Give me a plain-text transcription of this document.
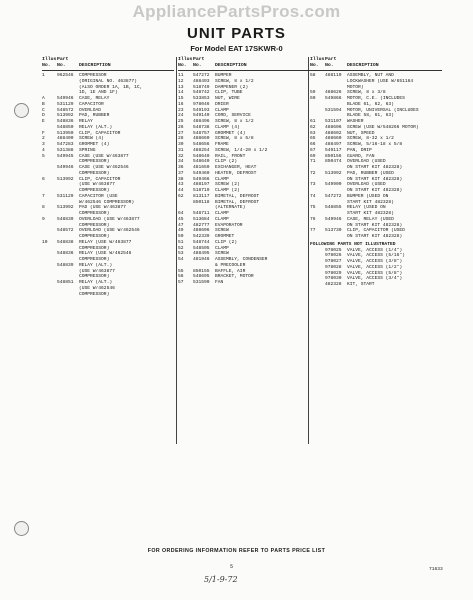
AppliancePartsPros.com
UNIT PARTS
For Model EAT 17SKWR-0
Illus.
Part
No.	No.	DESCRIPTION
1	962546	COMPRESSOR
(ORIGINAL NO. 463877)
(ALSO ORDER 1A, 1B, 1C,
1D, 1E AND 1F)
A	549946	CASE, RELAY
B	531129	CAPACITOR
C	548572	OVERLOAD
D	513992	PAD, RUBBER
E	548836	RELAY
548850	RELAY (ALT.)
F	513950	CLIP, CAPACITOR
2	488400	SCREW (4)
3	547283	GROMMET (4)
4	531388	SPRING
5	549945	CASE (USE W/463877
COMPRESSOR)
549946	CASE (USE W/462546
COMPRESSOR)
6	513992	CLIP, CAPACITOR
(USE W/463877
COMPRESSOR)
7	531129	CAPACITOR (USE
W/462546 COMPRESSOR)
8	513992	PAD (USE W/463877
COMPRESSOR)
9	548839	OVERLOAD (USE W/463877
COMPRESSOR)
548572	OVERLOAD (USE W/462546
COMPRESSOR)
10	548838	RELAY (USE W/463877
COMPRESSOR)
548836	RELAY (USE W/462546
COMPRESSOR)
548839	RELAY (ALT.)
(USE W/463877
COMPRESSOR)
548851	RELAY (ALT.)
(USE W/462546
COMPRESSOR)
Illus.
Part
No.	No.	DESCRIPTION
11	547272	BUMPER
12	488493	SCREW, 8 x 1/2
13	518749	DAMPENER (2)
14	548742	CLIP, TUBE
15	533853	NUT, WIRE
16	978046	DRIER
23	549193	CLAMP
24	549140	CORD, SERVICE
25	488496	SCREW, 8 x 1/2
26	548738	CLAMP (4)
27	548757	GROMMET (4)
28	488660	SCREW, 8 x 5/8
30	548656	FRAME
31	488254	SCREW, 1/4-20 x 1/2
32	548640	RAIL, FRONT
34	548640	CLIP (2)
36	481650	EXCHANGER, HEAT
37	549460	HEATER, DEFROST
38	549466	CLAMP
43	488197	SCREW (2)
44	518719	CLAMP (2)
62	813117	BIMETAL, DEFROST
850118	BIMETAL, DEFROST
(ALTERNATE)
64	548711	CLAMP
45	513684	CLAMP
47	482777	EVAPORATOR
49	488606	SCREW
50	542339	GROMMET
51	548744	CLIP (2)
52	548505	CLAMP
53	488495	SCREW
54	481946	ASSEMBLY, CONDENSER
& PRECOOLER
55	850155	BAFFLE, AIR
56	548695	BRACKET, MOTOR
57	531590	FAN
Illus.
Part
No.	No.	DESCRIPTION
58	488110	ASSEMBLY, NUT AND
LOCKWASHER (USE W/651164
MOTOR)
59	488626	SCREW, 8 x 3/8
60	549866	MOTOR, C.E. (INCLUDES
BLADE 61, 62, 63)
531594	MOTOR, UNIVERSAL (INCLUDES
BLADE 58, 61, 63)
61	531107	WASHER
62	488606	SCREW (USE W/548266 MOTOR)
63	488602	NUT, SPEED
65	488660	SCREW, 8-32 x 1/2
66	488497	SCREW, 5/16-18 x 5/8
67	549117	PAN, DRIP
69	850156	GUARD, FAN
71	850474	OVERLOAD (USED
ON START KIT 482328)
72	513992	PAD, RUBBER (USED
ON START KIT 482328)
73	549900	OVERLOAD (USED
ON START KIT 482328)
74	547272	BUMPER (USED ON
START KIT 482328)
75	548855	RELAY (USED ON
START KIT 482328)
76	549946	CASE, RELAY (USED
ON START KIT 482328)
77	513730	CLIP, CAPACITOR (USED
ON START KIT 482328)
FOLLOWING PARTS NOT ILLUSTRATED
978025	VALVE, ACCESS (1/4")
978026	VALVE, ACCESS (5/16")
978027	VALVE, ACCESS (3/8")
978028	VALVE, ACCESS (1/2")
978029	VALVE, ACCESS (5/8")
978030	VALVE, ACCESS (3/4")
482328	KIT, START
FOR ORDERING INFORMATION REFER TO PARTS PRICE LIST
5	71633
5/1-9-72
